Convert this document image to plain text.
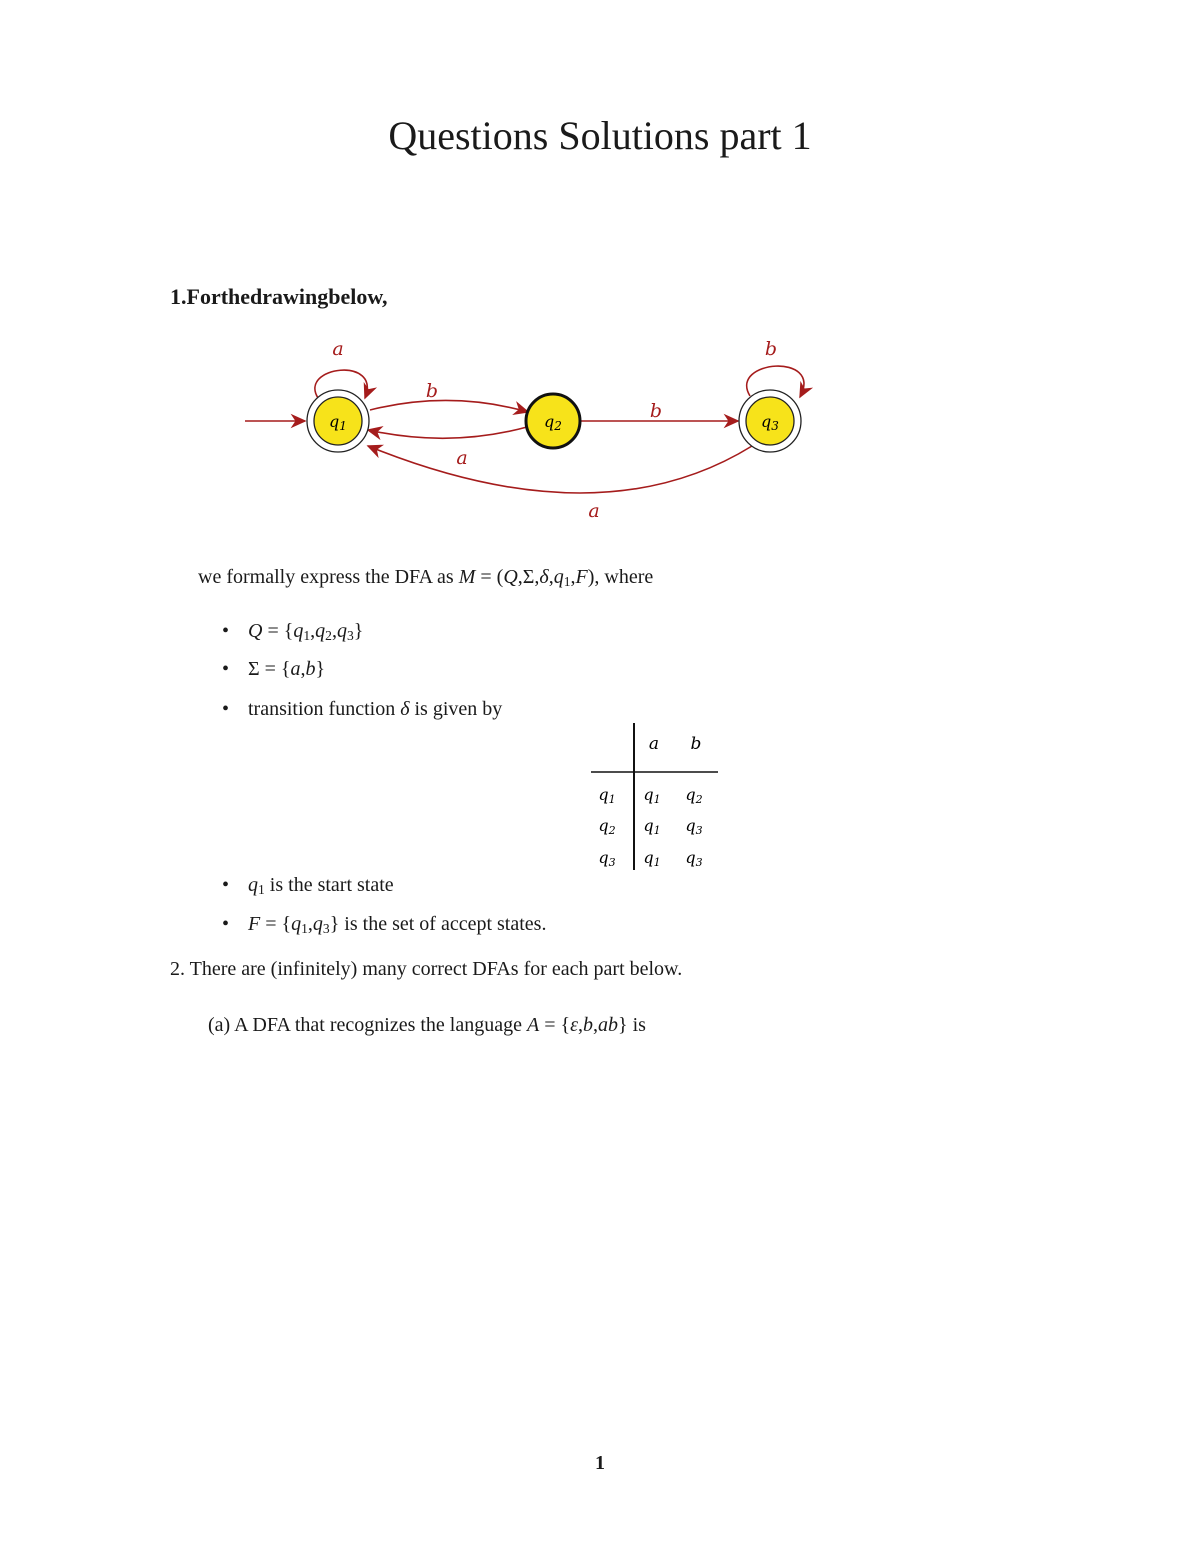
Questions Solutions part 1
1.Forthedrawingbelow,
q1	q2	q3
a
b
a
b
b
a
we formally express the DFA as $M = (Q,\Sigma,\delta,q_1,F)$, where
• $Q = \{q_1,q_2,q_3\}$
• Σ = {a,b}
• transition function δ is given by
a b
q1 q1 q2
q2 q1 q3
q3 q1 q3
• $q_1$ is the start state
• $F = \{q_1,q_3\}$ is the set of accept states.
2. There are (infinitely) many correct DFAs for each part below.
(a) A DFA that recognizes the language A = {ε,b,ab} is
1
